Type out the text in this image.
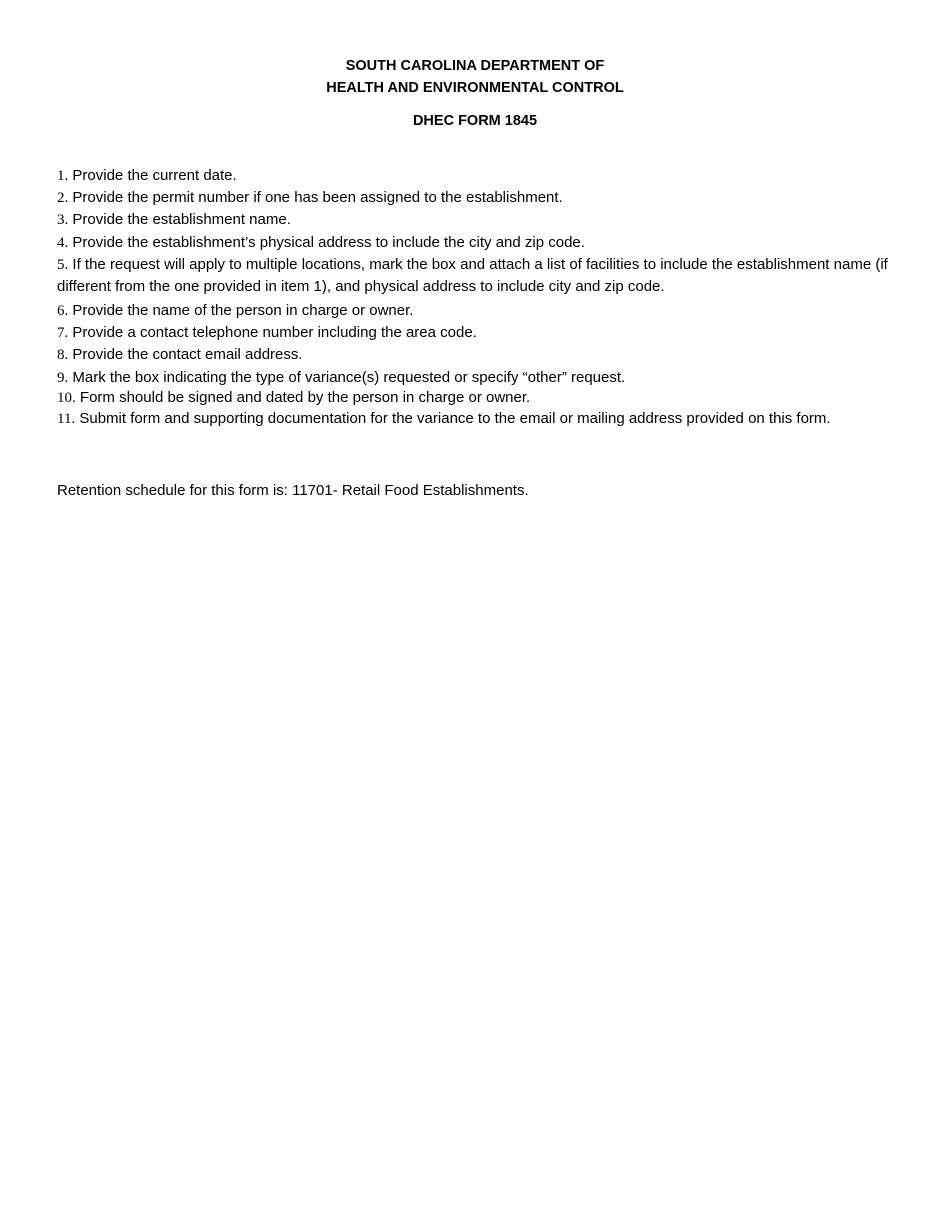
SOUTH CAROLINA DEPARTMENT OF
HEALTH AND ENVIRONMENTAL CONTROL
DHEC FORM 1845
1. Provide the current date.
2. Provide the permit number if one has been assigned to the establishment.
3. Provide the establishment name.
4. Provide the establishment’s physical address to include the city and zip code.
5. If the request will apply to multiple locations, mark the box and attach a list of facilities to include the establishment name (if different from the one provided in item 1), and physical address to include city and zip code.
6. Provide the name of the person in charge or owner.
7. Provide a contact telephone number including the area code.
8. Provide the contact email address.
9. Mark the box indicating the type of variance(s) requested or specify “other” request.
10. Form should be signed and dated by the person in charge or owner.
11. Submit form and supporting documentation for the variance to the email or mailing address provided on this form.
Retention schedule for this form is: 11701- Retail Food Establishments.
